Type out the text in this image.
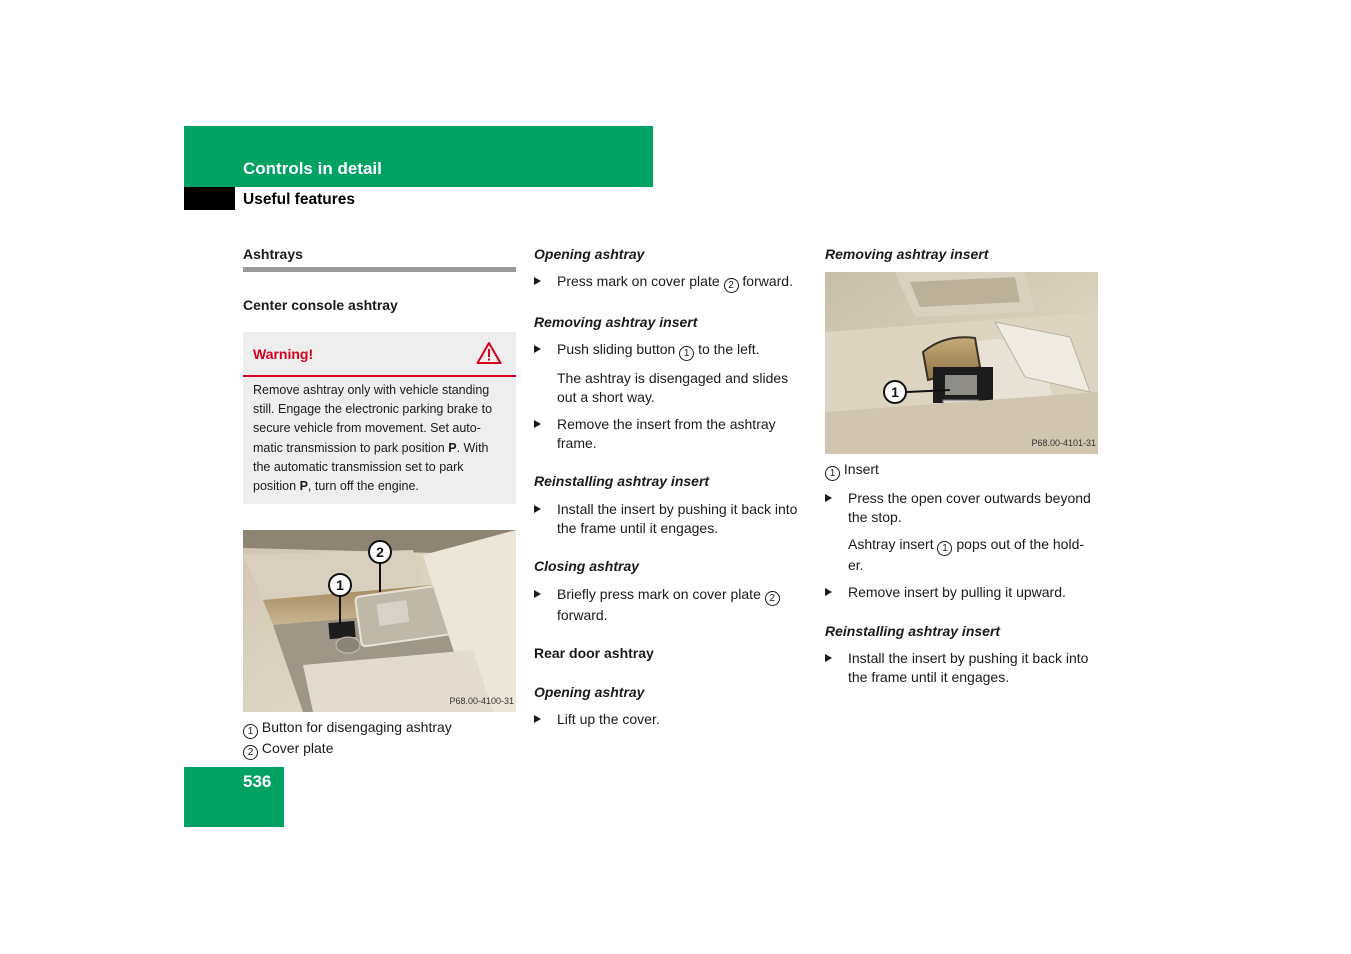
Controls in detail
Useful features
Ashtrays
Center console ashtray
Warning!
Remove ashtray only with vehicle standing still. Engage the electronic parking brake to secure vehicle from movement. Set auto-matic transmission to park position P. With the automatic transmission set to park position P, turn off the engine.
1
2
P68.00-4100-31
1 Button for disengaging ashtray
2 Cover plate
Opening ashtray
Press mark on cover plate 2 forward.
Removing ashtray insert
Push sliding button 1 to the left.
The ashtray is disengaged and slides out a short way.
Remove the insert from the ashtray frame.
Reinstalling ashtray insert
Install the insert by pushing it back into the frame until it engages.
Closing ashtray
Briefly press mark on cover plate 2 forward.
Rear door ashtray
Opening ashtray
Lift up the cover.
Removing ashtray insert
1
P68.00-4101-31
1 Insert
Press the open cover outwards beyond the stop.
Ashtray insert 1 pops out of the hold-er.
Remove insert by pulling it upward.
Reinstalling ashtray insert
Install the insert by pushing it back into the frame until it engages.
536
